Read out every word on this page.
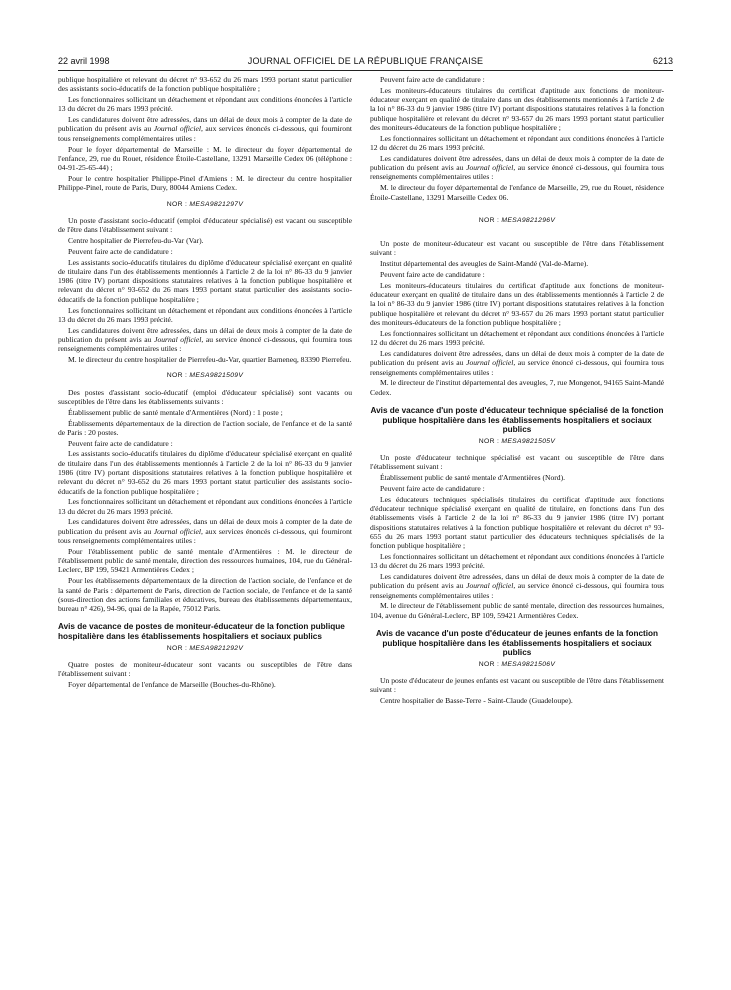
22 avril 1998	JOURNAL OFFICIEL DE LA RÉPUBLIQUE FRANÇAISE	6213

publique hospitalière et relevant du décret n° 93-652 du 26 mars 1993 portant statut particulier des assistants socio-éducatifs de la fonction publique hospitalière ;

Les fonctionnaires sollicitant un détachement et répondant aux conditions énoncées à l'article 13 du décret du 26 mars 1993 précité.

Les candidatures doivent être adressées, dans un délai de deux mois à compter de la date de publication du présent avis au Journal officiel, aux services énoncés ci-dessous, qui fourniront tous renseignements complémentaires utiles :

Pour le foyer départemental de Marseille : M. le directeur du foyer départemental de l'enfance, 29, rue du Rouet, résidence Étoile-Castellane, 13291 Marseille Cedex 06 (téléphone : 04-91-25-65-44) ;

Pour le centre hospitalier Philippe-Pinel d'Amiens : M. le directeur du centre hospitalier Philippe-Pinel, route de Paris, Dury, 80044 Amiens Cedex.

NOR : MESA9821297V

Un poste d'assistant socio-éducatif (emploi d'éducateur spécialisé) est vacant ou susceptible de l'être dans l'établissement suivant :

Centre hospitalier de Pierrefeu-du-Var (Var).

Peuvent faire acte de candidature :

Les assistants socio-éducatifs titulaires du diplôme d'éducateur spécialisé exerçant en qualité de titulaire dans l'un des établissements mentionnés à l'article 2 de la loi n° 86-33 du 9 janvier 1986 (titre IV) portant dispositions statutaires relatives à la fonction publique hospitalière et relevant du décret n° 93-652 du 26 mars 1993 portant statut particulier des assistants socio-éducatifs de la fonction publique hospitalière ;

Les fonctionnaires sollicitant un détachement et répondant aux conditions énoncées à l'article 13 du décret du 26 mars 1993 précité.

Les candidatures doivent être adressées, dans un délai de deux mois à compter de la date de publication du présent avis au Journal officiel, au service énoncé ci-dessous, qui fournira tous renseignements complémentaires utiles :

M. le directeur du centre hospitalier de Pierrefeu-du-Var, quartier Barneneq, 83390 Pierrefeu.

NOR : MESA9821509V

Des postes d'assistant socio-éducatif (emploi d'éducateur spécialisé) sont vacants ou susceptibles de l'être dans les établissements suivants :

Établissement public de santé mentale d'Armentières (Nord) : 1 poste ;

Établissements départementaux de la direction de l'action sociale, de l'enfance et de la santé de Paris : 20 postes.

Peuvent faire acte de candidature :

Les assistants socio-éducatifs titulaires du diplôme d'éducateur spécialisé exerçant en qualité de titulaire dans l'un des établissements mentionnés à l'article 2 de la loi n° 86-33 du 9 janvier 1986 (titre IV) portant dispositions statutaires relatives à la fonction publique hospitalière et relevant du décret n° 93-652 du 26 mars 1993 portant statut particulier des assistants socio-éducatifs de la fonction publique hospitalière ;

Les fonctionnaires sollicitant un détachement et répondant aux conditions énoncées à l'article 13 du décret du 26 mars 1993 précité.

Les candidatures doivent être adressées, dans un délai de deux mois à compter de la date de publication du présent avis au Journal officiel, aux services énoncés ci-dessous, qui fourniront tous renseignements complémentaires utiles :

Pour l'établissement public de santé mentale d'Armentières : M. le directeur de l'établissement public de santé mentale, direction des ressources humaines, 104, rue du Général-Leclerc, BP 199, 59421 Armentières Cedex ;

Pour les établissements départementaux de la direction de l'action sociale, de l'enfance et de la santé de Paris : département de Paris, direction de l'action sociale, de l'enfance et de la santé (sous-direction des actions familiales et éducatives, bureau des établissements départementaux, bureau n° 426), 94-96, quai de la Rapée, 75012 Paris.

Avis de vacance de postes de moniteur-éducateur de la fonction publique hospitalière dans les établissements hospitaliers et sociaux publics

NOR : MESA9821292V

Quatre postes de moniteur-éducateur sont vacants ou susceptibles de l'être dans l'établissement suivant :

Foyer départemental de l'enfance de Marseille (Bouches-du-Rhône).

Peuvent faire acte de candidature :

Les moniteurs-éducateurs titulaires du certificat d'aptitude aux fonctions de moniteur-éducateur exerçant en qualité de titulaire dans un des établissements mentionnés à l'article 2 de la loi n° 86-33 du 9 janvier 1986 (titre IV) portant dispositions statutaires relatives à la fonction publique hospitalière et relevant du décret n° 93-657 du 26 mars 1993 portant statut particulier des moniteurs-éducateurs de la fonction publique hospitalière ;

Les fonctionnaires sollicitant un détachement et répondant aux conditions énoncées à l'article 12 du décret du 26 mars 1993 précité.

Les candidatures doivent être adressées, dans un délai de deux mois à compter de la date de publication du présent avis au Journal officiel, au service énoncé ci-dessous, qui fournira tous renseignements complémentaires utiles :

M. le directeur du foyer départemental de l'enfance de Marseille, 29, rue du Rouet, résidence Étoile-Castellane, 13291 Marseille Cedex 06.

NOR : MESA9821296V

Un poste de moniteur-éducateur est vacant ou susceptible de l'être dans l'établissement suivant :

Institut départemental des aveugles de Saint-Mandé (Val-de-Marne).

Peuvent faire acte de candidature :

Les moniteurs-éducateurs titulaires du certificat d'aptitude aux fonctions de moniteur-éducateur exerçant en qualité de titulaire dans un des établissements mentionnés à l'article 2 de la loi n° 86-33 du 9 janvier 1986 (titre IV) portant dispositions statutaires relatives à la fonction publique hospitalière et relevant du décret n° 93-657 du 26 mars 1993 portant statut particulier des moniteurs-éducateurs de la fonction publique hospitalière ;

Les fonctionnaires sollicitant un détachement et répondant aux conditions énoncées à l'article 12 du décret du 26 mars 1993 précité.

Les candidatures doivent être adressées, dans un délai de deux mois à compter de la date de publication du présent avis au Journal officiel, au service énoncé ci-dessous, qui fournira tous renseignements complémentaires utiles :

M. le directeur de l'institut départemental des aveugles, 7, rue Mongenot, 94165 Saint-Mandé Cedex.

Avis de vacance d'un poste d'éducateur technique spécialisé de la fonction publique hospitalière dans les établissements hospitaliers et sociaux publics

NOR : MESA9821505V

Un poste d'éducateur technique spécialisé est vacant ou susceptible de l'être dans l'établissement suivant :

Établissement public de santé mentale d'Armentières (Nord).

Peuvent faire acte de candidature :

Les éducateurs techniques spécialisés titulaires du certificat d'aptitude aux fonctions d'éducateur technique spécialisé exerçant en qualité de titulaire, en fonctions dans l'un des établissements visés à l'article 2 de la loi n° 86-33 du 9 janvier 1986 (titre IV) portant dispositions statutaires relatives à la fonction publique hospitalière et relevant du décret n° 93-655 du 26 mars 1993 portant statut particulier des éducateurs techniques spécialisés de la fonction publique hospitalière ;

Les fonctionnaires sollicitant un détachement et répondant aux conditions énoncées à l'article 13 du décret du 26 mars 1993 précité.

Les candidatures doivent être adressées, dans un délai de deux mois à compter de la date de publication du présent avis au Journal officiel, au service énoncé ci-dessous, qui fournira tous renseignements complémentaires utiles :

M. le directeur de l'établissement public de santé mentale, direction des ressources humaines, 104, avenue du Général-Leclerc, BP 109, 59421 Armentières Cedex.

Avis de vacance d'un poste d'éducateur de jeunes enfants de la fonction publique hospitalière dans les établissements hospitaliers et sociaux publics

NOR : MESA9821506V

Un poste d'éducateur de jeunes enfants est vacant ou susceptible de l'être dans l'établissement suivant :

Centre hospitalier de Basse-Terre - Saint-Claude (Guadeloupe).
